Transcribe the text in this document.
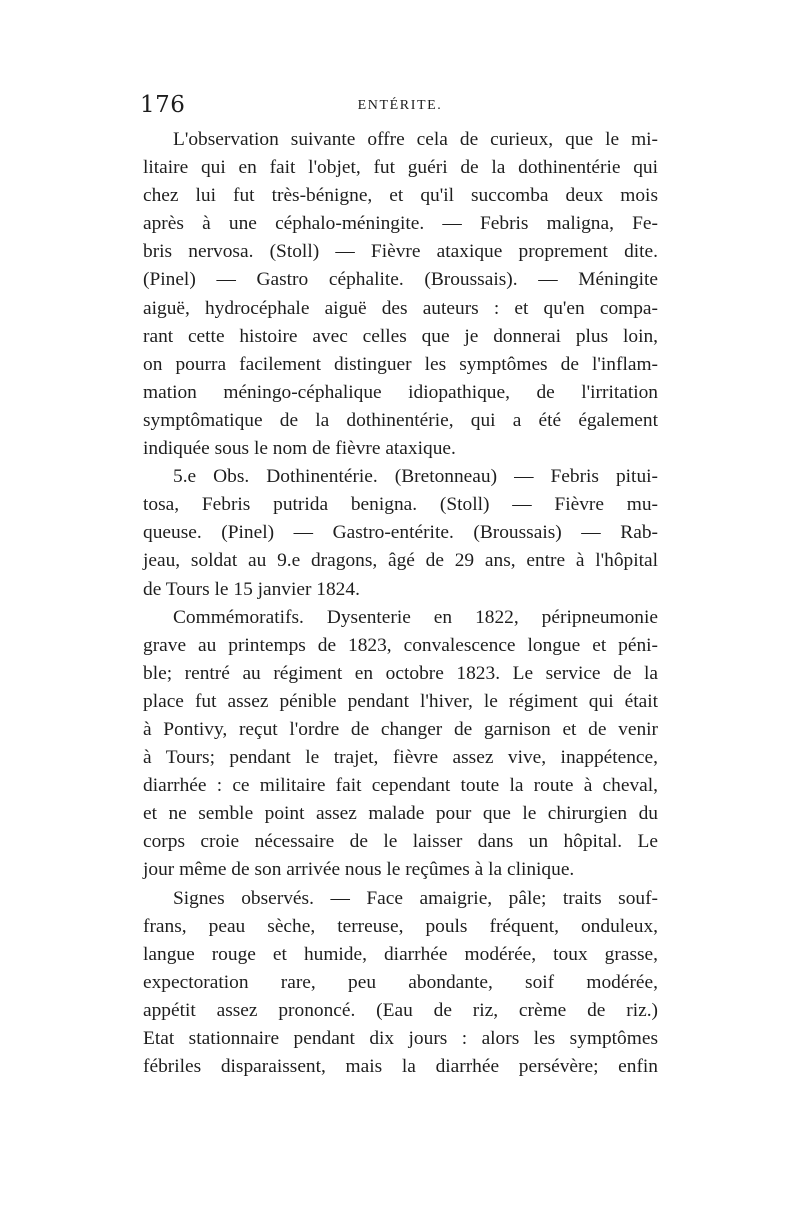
176	ENTÉRITE.
L'observation suivante offre cela de curieux, que le mi-
litaire qui en fait l'objet, fut guéri de la dothinentérie qui
chez lui fut très-bénigne, et qu'il succomba deux mois
après à une céphalo-méningite. — Febris maligna, Fe-
bris nervosa. (Stoll) — Fièvre ataxique proprement dite.
(Pinel) — Gastro céphalite. (Broussais). — Méningite
aiguë, hydrocéphale aiguë des auteurs : et qu'en compa-
rant cette histoire avec celles que je donnerai plus loin,
on pourra facilement distinguer les symptômes de l'inflam-
mation méningo-céphalique idiopathique, de l'irritation
symptômatique de la dothinentérie, qui a été également
indiquée sous le nom de fièvre ataxique.
5.e Obs. Dothinentérie. (Bretonneau) — Febris pitui-
tosa, Febris putrida benigna. (Stoll) — Fièvre mu-
queuse. (Pinel) — Gastro-entérite. (Broussais) — Rab-
jeau, soldat au 9.e dragons, âgé de 29 ans, entre à l'hôpital
de Tours le 15 janvier 1824.
Commémoratifs. Dysenterie en 1822, péripneumonie
grave au printemps de 1823, convalescence longue et péni-
ble; rentré au régiment en octobre 1823. Le service de la
place fut assez pénible pendant l'hiver, le régiment qui était
à Pontivy, reçut l'ordre de changer de garnison et de venir
à Tours; pendant le trajet, fièvre assez vive, inappétence,
diarrhée : ce militaire fait cependant toute la route à cheval,
et ne semble point assez malade pour que le chirurgien du
corps croie nécessaire de le laisser dans un hôpital. Le
jour même de son arrivée nous le reçûmes à la clinique.
Signes observés. — Face amaigrie, pâle; traits souf-
frans, peau sèche, terreuse, pouls fréquent, onduleux,
langue rouge et humide, diarrhée modérée, toux grasse,
expectoration rare, peu abondante, soif modérée,
appétit assez prononcé. (Eau de riz, crème de riz.)
Etat stationnaire pendant dix jours : alors les symptômes
fébriles disparaissent, mais la diarrhée persévère; enfin
